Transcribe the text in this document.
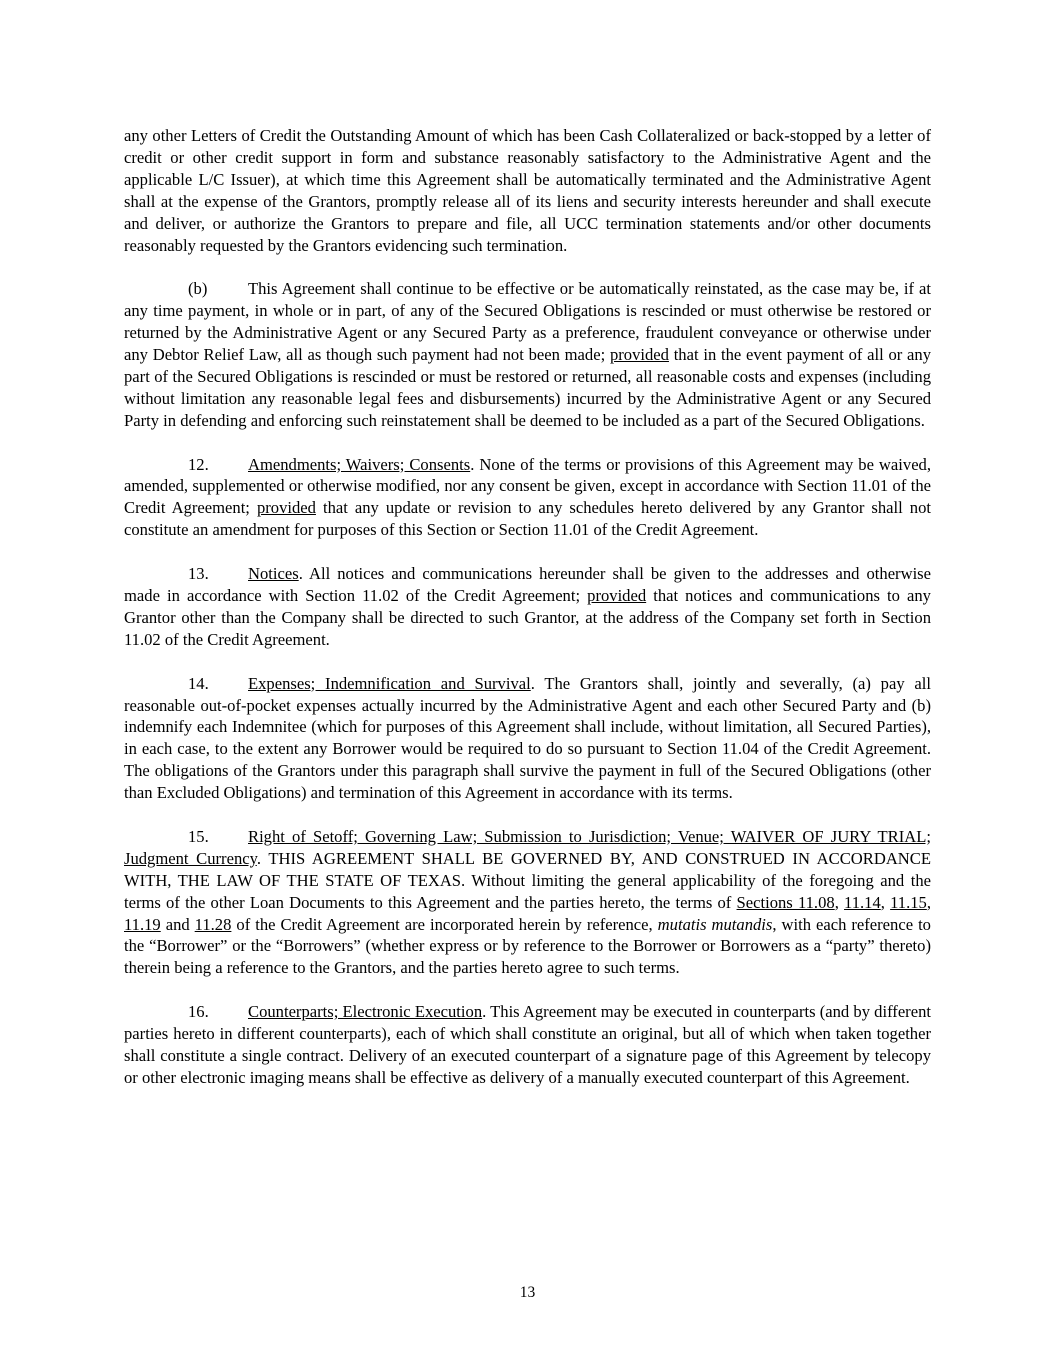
any other Letters of Credit the Outstanding Amount of which has been Cash Collateralized or back-stopped by a letter of credit or other credit support in form and substance reasonably satisfactory to the Administrative Agent and the applicable L/C Issuer), at which time this Agreement shall be automatically terminated and the Administrative Agent shall at the expense of the Grantors, promptly release all of its liens and security interests hereunder and shall execute and deliver, or authorize the Grantors to prepare and file, all UCC termination statements and/or other documents reasonably requested by the Grantors evidencing such termination.

(b) This Agreement shall continue to be effective or be automatically reinstated, as the case may be, if at any time payment, in whole or in part, of any of the Secured Obligations is rescinded or must otherwise be restored or returned by the Administrative Agent or any Secured Party as a preference, fraudulent conveyance or otherwise under any Debtor Relief Law, all as though such payment had not been made; provided that in the event payment of all or any part of the Secured Obligations is rescinded or must be restored or returned, all reasonable costs and expenses (including without limitation any reasonable legal fees and disbursements) incurred by the Administrative Agent or any Secured Party in defending and enforcing such reinstatement shall be deemed to be included as a part of the Secured Obligations.

12. Amendments; Waivers; Consents. None of the terms or provisions of this Agreement may be waived, amended, supplemented or otherwise modified, nor any consent be given, except in accordance with Section 11.01 of the Credit Agreement; provided that any update or revision to any schedules hereto delivered by any Grantor shall not constitute an amendment for purposes of this Section or Section 11.01 of the Credit Agreement.

13. Notices. All notices and communications hereunder shall be given to the addresses and otherwise made in accordance with Section 11.02 of the Credit Agreement; provided that notices and communications to any Grantor other than the Company shall be directed to such Grantor, at the address of the Company set forth in Section 11.02 of the Credit Agreement.

14. Expenses; Indemnification and Survival. The Grantors shall, jointly and severally, (a) pay all reasonable out-of-pocket expenses actually incurred by the Administrative Agent and each other Secured Party and (b) indemnify each Indemnitee (which for purposes of this Agreement shall include, without limitation, all Secured Parties), in each case, to the extent any Borrower would be required to do so pursuant to Section 11.04 of the Credit Agreement. The obligations of the Grantors under this paragraph shall survive the payment in full of the Secured Obligations (other than Excluded Obligations) and termination of this Agreement in accordance with its terms.

15. Right of Setoff; Governing Law; Submission to Jurisdiction; Venue; WAIVER OF JURY TRIAL; Judgment Currency. THIS AGREEMENT SHALL BE GOVERNED BY, AND CONSTRUED IN ACCORDANCE WITH, THE LAW OF THE STATE OF TEXAS. Without limiting the general applicability of the foregoing and the terms of the other Loan Documents to this Agreement and the parties hereto, the terms of Sections 11.08, 11.14, 11.15, 11.19 and 11.28 of the Credit Agreement are incorporated herein by reference, mutatis mutandis, with each reference to the “Borrower” or the “Borrowers” (whether express or by reference to the Borrower or Borrowers as a “party” thereto) therein being a reference to the Grantors, and the parties hereto agree to such terms.

16. Counterparts; Electronic Execution. This Agreement may be executed in counterparts (and by different parties hereto in different counterparts), each of which shall constitute an original, but all of which when taken together shall constitute a single contract. Delivery of an executed counterpart of a signature page of this Agreement by telecopy or other electronic imaging means shall be effective as delivery of a manually executed counterpart of this Agreement.

13
